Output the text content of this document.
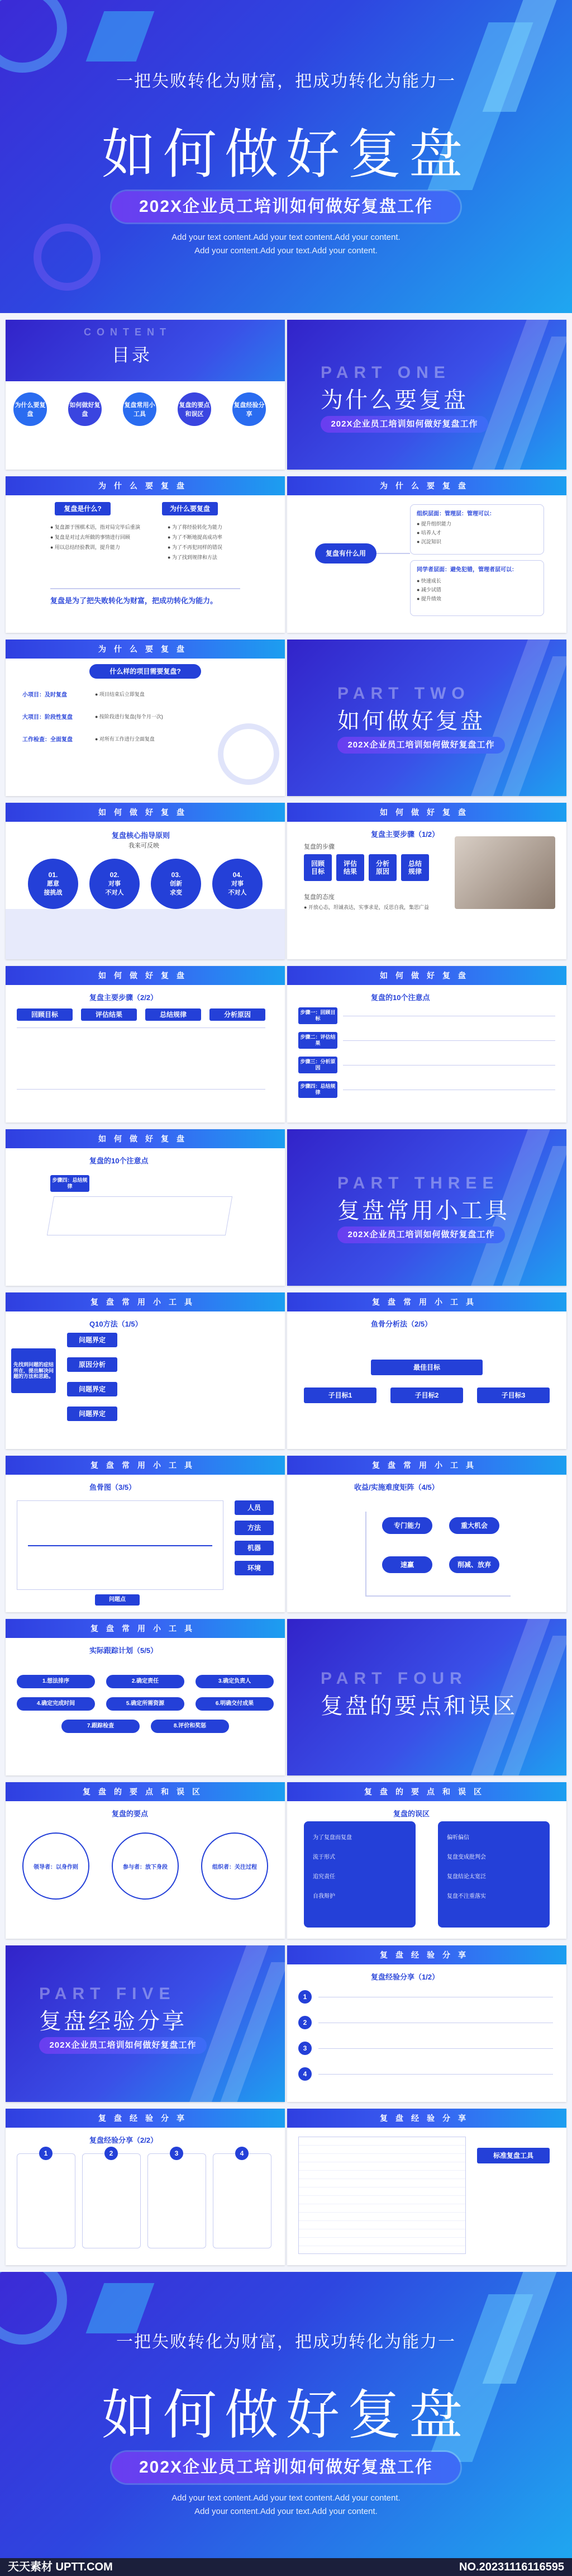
一把失败转化为财富，把成功转化为能力一
如何做好复盘
202X企业员工培训如何做好复盘工作
Add your text content.Add your text content.Add your content.
Add your content.Add your text.Add your content.
CONTENT
目录
为什么要复盘
如何做好复盘
复盘常用小工具
复盘的要点和误区
复盘经验分享
PART ONE
为什么要复盘
202X企业员工培训如何做好复盘工作
为什么要复盘
复盘是什么?	为什么要复盘
● 复盘源于围棋术语，指对局完毕后重演
● 复盘是对过去所做的事情进行回顾
● 用以总结经验教训，提升能力
● 为了将经验转化为能力
● 为了不断地提高成功率
● 为了不再犯同样的错误
● 为了找到规律和方法
复盘是为了把失败转化为财富，把成功转化为能力。
为什么要复盘
复盘有什么用
组织层面：管理层：管理可以：
● 提升组织能力
● 培养人才
● 沉淀知识
同学者层面：避免犯错，管理者层可以：
● 快速成长
● 减少试错
● 提升绩效
为什么要复盘
什么样的项目需要复盘?
小项目：及时复盘	● 项目结束后立即复盘
大项目：阶段性复盘	● 按阶段进行复盘(每个月一次)
工作检查：全面复盘	● 对所有工作进行全面复盘
PART TWO
如何做好复盘
202X企业员工培训如何做好复盘工作
如何做好复盘
复盘核心指导原则
我来可反映
01.
愿意
接挑战
02.
对事
不对人
03.
创新
求变
04.
对事
不对人
如何做好复盘
复盘主要步骤（1/2）
复盘的步骤
回顾
目标
评估
结果
分析
原因
总结
规律
复盘的态度
● 开放心态，坦诚表达，实事求是，反思自我，集思广益
如何做好复盘
复盘主要步骤（2/2）
回顾目标	评估结果	总结规律	分析原因
如何做好复盘
复盘的10个注意点
步骤一：回顾目标
步骤二：评估结果
步骤三：分析原因
步骤四：总结规律
如何做好复盘
复盘的10个注意点
步骤四：总结规律	PART THREE
复盘常用小工具
202X企业员工培训如何做好复盘工作
复盘常用小工具
Q10方法（1/5）
先找到问题的症结所在，提出解决问题的方法和思路。
问题界定
原因分析
问题界定
问题界定
复盘常用小工具
鱼骨分析法（2/5）
最佳目标
子目标1	子目标2	子目标3
复盘常用小工具
鱼骨图（3/5）
人员
方法
机器
环境
问题点
复盘常用小工具
收益/实施难度矩阵（4/5）
专门能力	重大机会
速赢	削减、放弃
复盘常用小工具
实际跟踪计划（5/5）
1.想法排序	2.确定责任	3.确定负责人
4.确定完成时间	5.确定所需资源	6.明确交付成果
7.跟踪检查	8.评价和奖惩
PART FOUR
复盘的要点和误区
复盘的要点和误区
复盘的要点
领导者：以身作则	参与者：放下身段	组织者：关注过程
复盘的要点和误区
复盘的误区
为了复盘而复盘
流于形式
追究责任
自我辩护
偏听偏信
复盘变成批判会
复盘结论太宽泛
复盘不注重落实
PART FIVE
复盘经验分享
202X企业员工培训如何做好复盘工作
复盘经验分享
复盘经验分享（1/2）
1
2
3
4
复盘经验分享
复盘经验分享（2/2）
1	2	3	4
复盘经验分享
标准复盘工具
一把失败转化为财富，把成功转化为能力一
如何做好复盘
202X企业员工培训如何做好复盘工作
Add your text content.Add your text content.Add your content.
Add your content.Add your text.Add your content.
天天素材 UPTT.COM	NO.20231116116595
